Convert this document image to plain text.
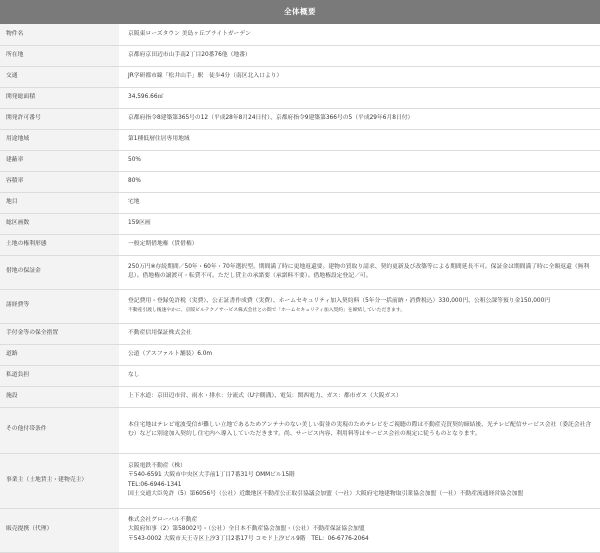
全体概要
物件名	京阪東ローズタウン 美島ヶ丘ブライトガーデン
所在地	京都府京田辺市山手南2丁目20番76他（地番）
交通	JR学研都市線「松井山手」駅　徒歩4分（南区北入口より）
開発総面積	34,596.66㎡
開発許可番号	京都府指令8建築第365号の12（平成28年8月24日付）、京都府指令9建築第366号の5（平成29年6月8日付）
用途地域	第1種低層住居専用地域
建蔽率	50%
容積率	80%
地目	宅地
総区画数	159区画
土地の権利形態	一般定期借地権（賃借権）
借地の保証金	250万円※存続期間／50年・60年・70年選択型。期間満了時に更地返還要。建物の買取り請求、契約更新及び改築等による期間延長不可。保証金は期間満了時に全額返還（無利息）。借地権の譲渡可・転貸不可。ただし貸主の承諾要（承諾料不要）。借地権設定登記／可。
諸経費等	登記費用・登録免許税（実費）、公正証書作成費（実費）、ホームセキュリティ加入契約料（5年分一括前納・消費税込）330,000円、公租公課等預り金150,000円
不動産引渡し後速やかに、京阪ビルテクノサービス株式会社との間で「ホームセキュリティ加入契約」を締結していただきます。

手付金等の保全措置	不動産信用保証株式会社
道路	公道（アスファルト舗装）6.0m
私道負担	なし
施設	上下水道：京田辺市営、雨水・排水：分流式（U字側溝）、電気：関西電力、ガス：都市ガス（大阪ガス）
その他付帯条件	本住宅地はテレビ電波受信が難しい立地であるためアンテナのない美しい街並の実現のためテレビをご視聴の際は不動産売買契約締結後、光テレビ配信サービス会社（委託会社含む）などに別途加入契約し住宅内へ導入していただきます。尚、サービス内容、利用料等はサービス会社の規定に従うものとなります。
事業主（土地賃主・建物売主）	京阪電鉄不動産（株）
〒540-6591 大阪市中央区大手前1丁目7番31号 OMMビル15階
TEL:06-6946-1341
国土交通大臣免許（5）第6056号（公社）近畿地区不動産公正取引協議会加盟（一社）大阪府宅地建物取引業協会加盟（一社）不動産流通経営協会加盟

販売提携（代理）	株式会社グローバル不動産
大阪府知事（2）第58002号・（公社）全日本不動産協会加盟・（公社）不動産保証協会加盟
〒543-0002 大阪市天王寺区上汐3丁目2番17号 コモド上汐ビル9階　TEL：06-6776-2064
